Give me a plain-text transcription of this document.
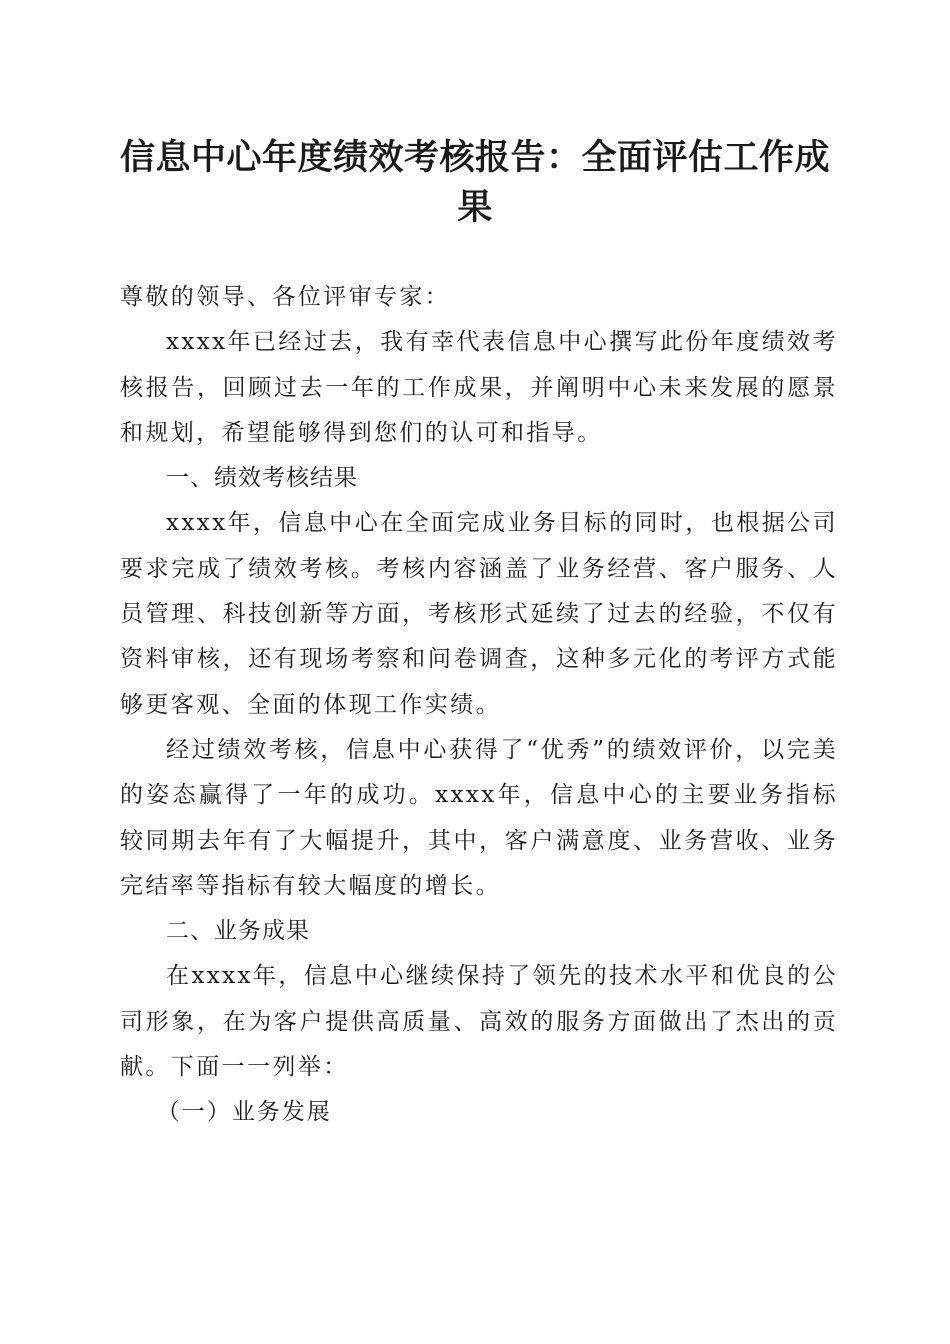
信息中心年度绩效考核报告：全面评估工作成果

尊敬的领导、各位评审专家：

xxxx年已经过去，我有幸代表信息中心撰写此份年度绩效考核报告，回顾过去一年的工作成果，并阐明中心未来发展的愿景和规划，希望能够得到您们的认可和指导。

一、绩效考核结果

xxxx年，信息中心在全面完成业务目标的同时，也根据公司要求完成了绩效考核。考核内容涵盖了业务经营、客户服务、人员管理、科技创新等方面，考核形式延续了过去的经验，不仅有资料审核，还有现场考察和问卷调查，这种多元化的考评方式能够更客观、全面的体现工作实绩。

经过绩效考核，信息中心获得了“优秀”的绩效评价，以完美的姿态赢得了一年的成功。xxxx年，信息中心的主要业务指标较同期去年有了大幅提升，其中，客户满意度、业务营收、业务完结率等指标有较大幅度的增长。

二、业务成果

在xxxx年，信息中心继续保持了领先的技术水平和优良的公司形象，在为客户提供高质量、高效的服务方面做出了杰出的贡献。下面一一列举：

（一）业务发展
